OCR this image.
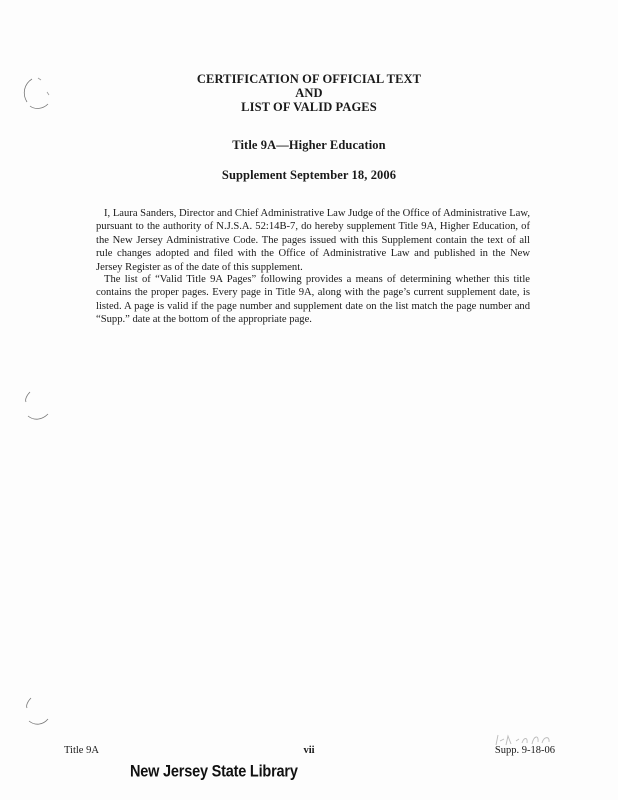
CERTIFICATION OF OFFICIAL TEXT
AND
LIST OF VALID PAGES
Title 9A—Higher Education
Supplement September 18, 2006

I, Laura Sanders, Director and Chief Administrative Law Judge of the Office of Administrative Law, pursuant to the authority of N.J.S.A. 52:14B-7, do hereby supplement Title 9A, Higher Education, of the New Jersey Administrative Code. The pages issued with this Supplement contain the text of all rule changes adopted and filed with the Office of Administrative Law and published in the New Jersey Register as of the date of this supplement.

The list of “Valid Title 9A Pages” following provides a means of determining whether this title contains the proper pages. Every page in Title 9A, along with the page’s current supplement date, is listed. A page is valid if the page number and supplement date on the list match the page number and “Supp.” date at the bottom of the appropriate page.

Title 9A	vii	Supp. 9-18-06
New Jersey State Library
